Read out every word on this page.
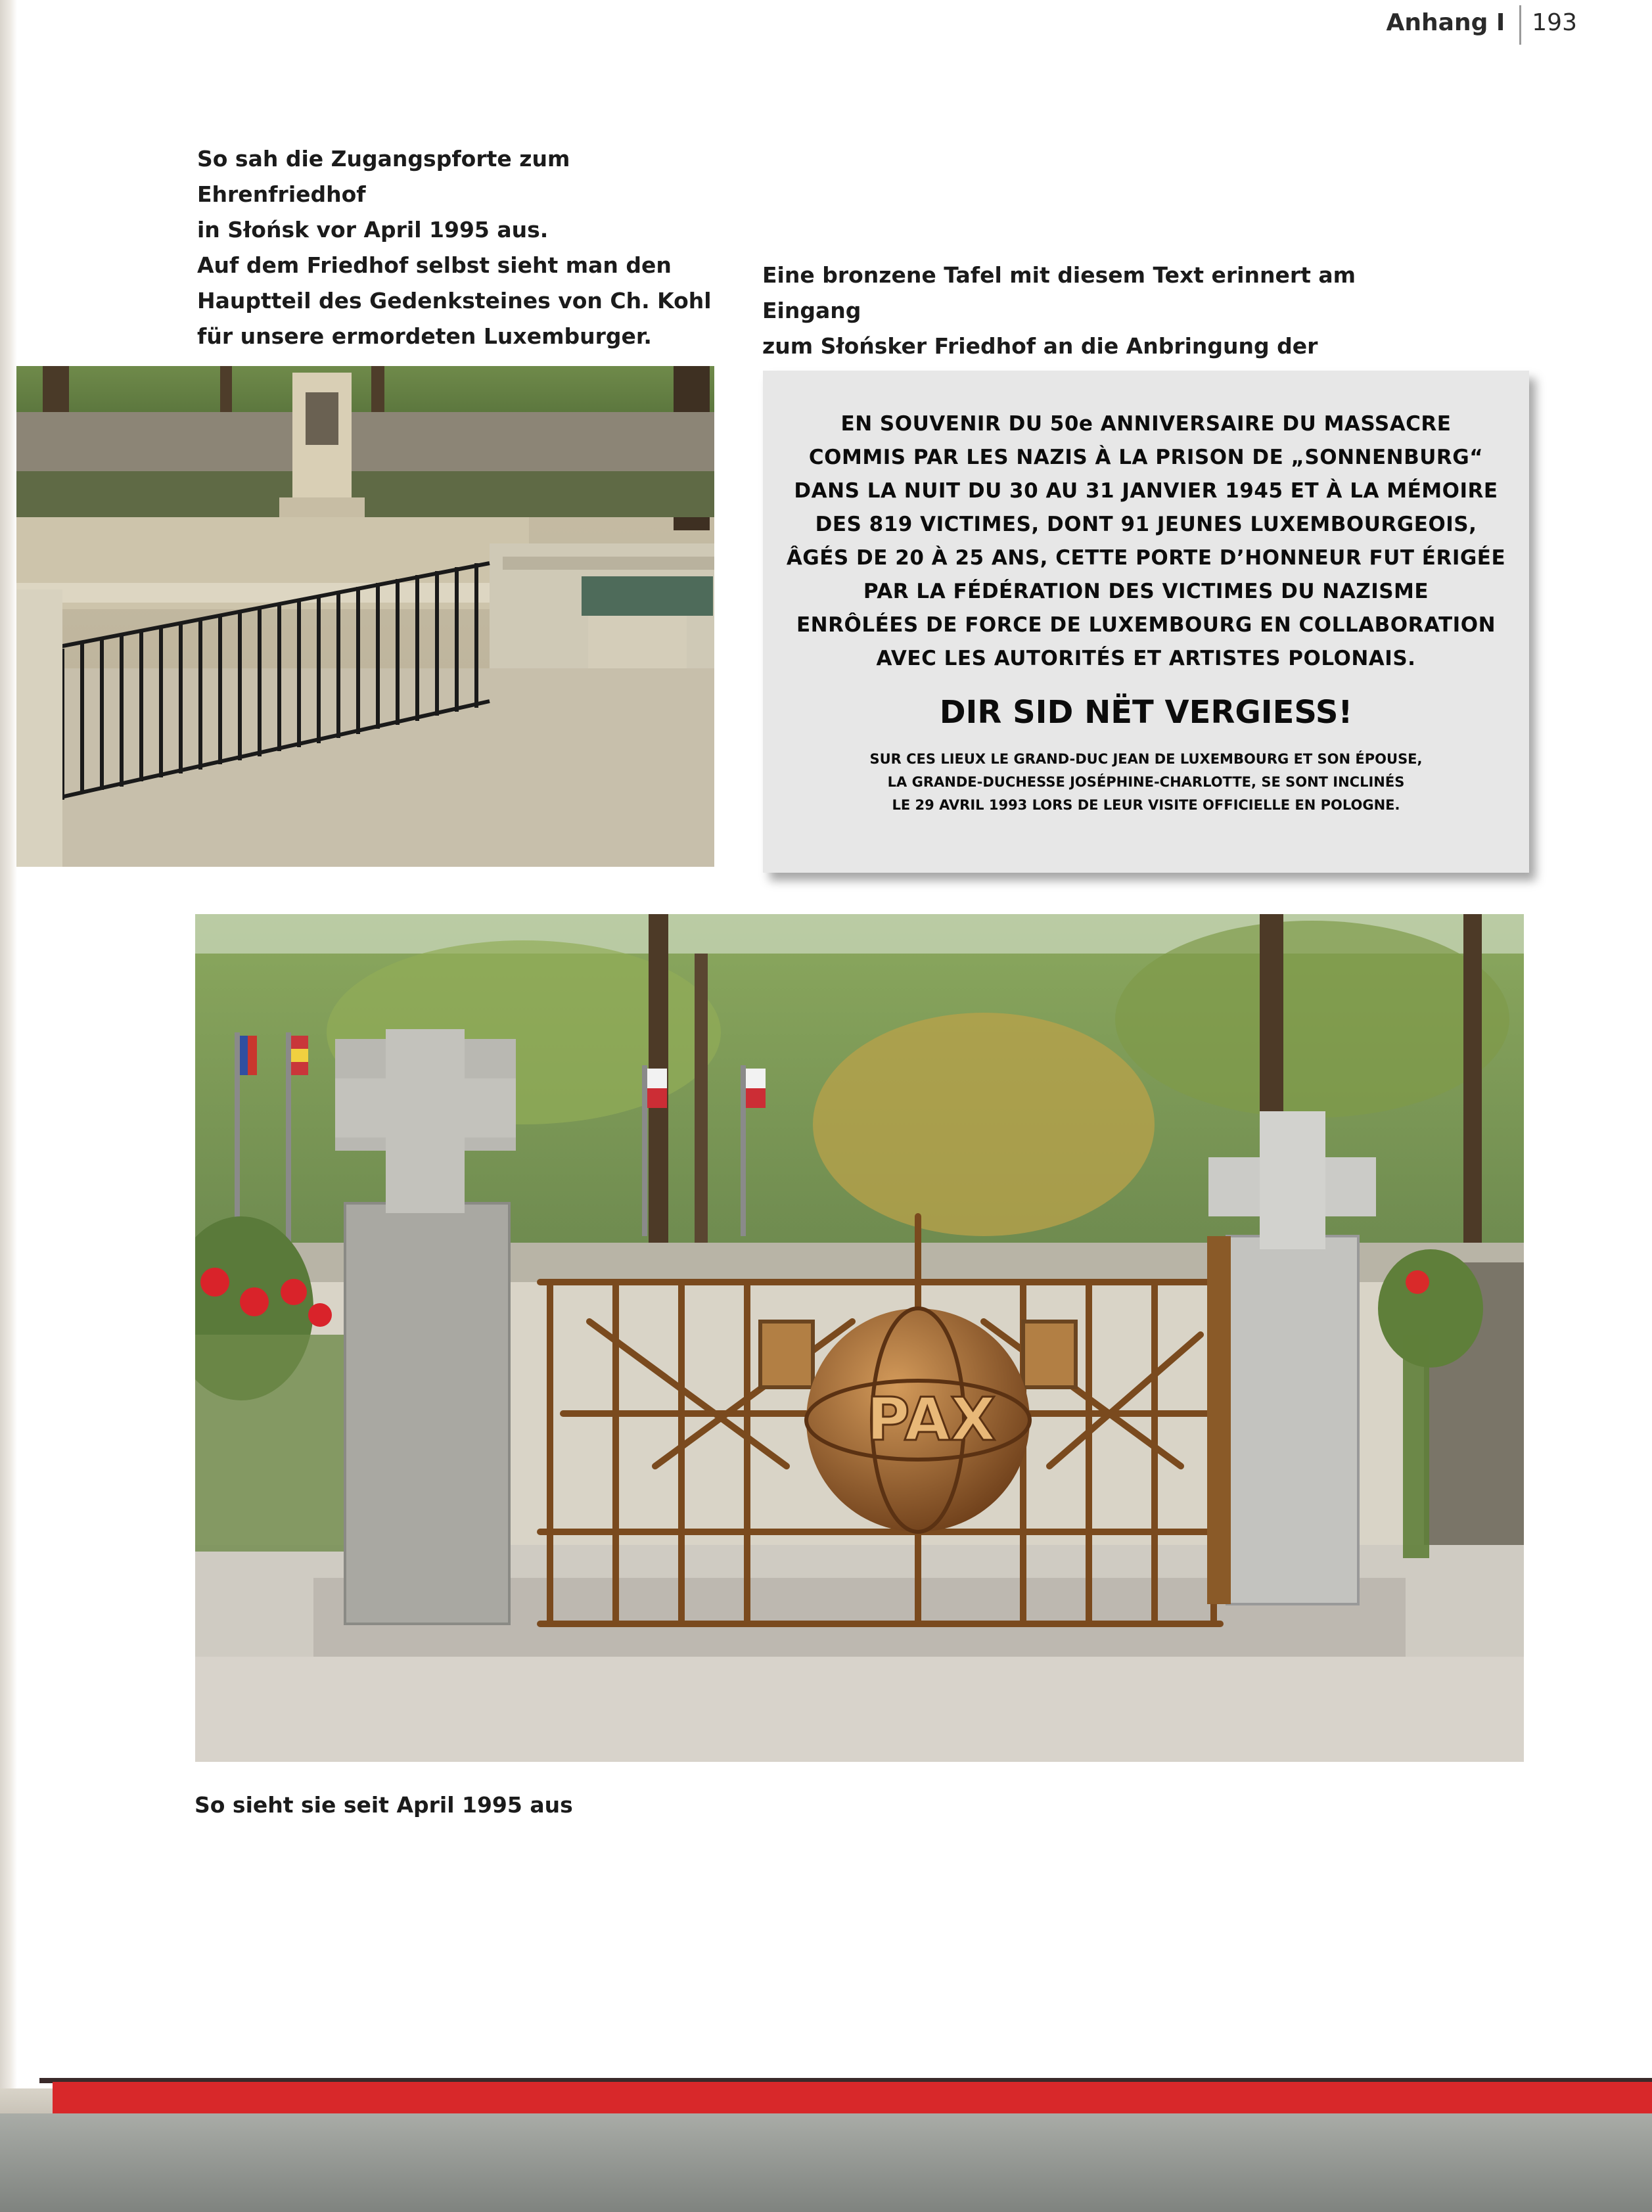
Anhang I	193
So sah die Zugangspforte zum Ehrenfriedhof
in Słońsk vor April 1995 aus.
Auf dem Friedhof selbst sieht man den
Hauptteil des Gedenksteines von Ch. Kohl
für unsere ermordeten Luxemburger.
Eine bronzene Tafel mit diesem Text erinnert am Eingang
zum Słońsker Friedhof an die Anbringung der
EN SOUVENIR DU 50e ANNIVERSAIRE DU MASSACRE
COMMIS PAR LES NAZIS À LA PRISON DE „SONNENBURG“
DANS LA NUIT DU 30 AU 31 JANVIER 1945 ET À LA MÉMOIRE
DES 819 VICTIMES, DONT 91 JEUNES LUXEMBOURGEOIS,
ÂGÉS DE 20 À 25 ANS, CETTE PORTE D’HONNEUR FUT ÉRIGÉE
PAR LA FÉDÉRATION DES VICTIMES DU NAZISME
ENRÔLÉES DE FORCE DE LUXEMBOURG EN COLLABORATION
AVEC LES AUTORITÉS ET ARTISTES POLONAIS.
DIR SID NËT VERGIESS!
SUR CES LIEUX LE GRAND-DUC JEAN DE LUXEMBOURG ET SON ÉPOUSE,
LA GRANDE-DUCHESSE JOSÉPHINE-CHARLOTTE, SE SONT INCLINÉS
LE 29 AVRIL 1993 LORS DE LEUR VISITE OFFICIELLE EN POLOGNE.
PAX
So sieht sie seit April 1995 aus
